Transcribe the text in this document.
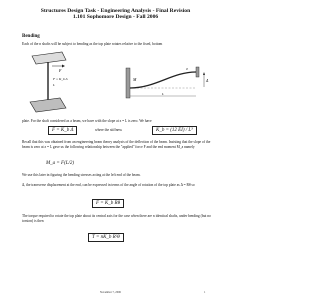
Structures Design Task - Engineering Analysis - Final Revision
1.101 Sophomore Design - Fall 2006
Bending
Each of the n shafts will be subject to bending as the top plate rotates relative to the fixed, bottom
F
F = K_b Δ
L
Δ
M
L
θ
plate. For the shaft considered as a beam, we have with the slope at z = L is zero. We have
F = K_b Δ	where the stiffness	K_b = (12 EI) / L³
Recall that this was obtained from an engineering beam theory analysis of the deflection of the beam. Insisting that the slope of the beam is zero at z = L gave us the following relationship between the "applied" force F and the end moment M_a namely
M_a = F(L/2)
We use this later in figuring the bending stresses acting at the left end of the beam.
Δ, the transverse displacement at the end, can be expressed in terms of the angle of rotation of the top plate as Δ = Rθ so
F = K_b Rθ
The torque required to rotate the top plate about its central axis for the case when there are n identical shafts, under bending (but no torsion) is then
T = nK_b R²θ
November 7, 2006	1
